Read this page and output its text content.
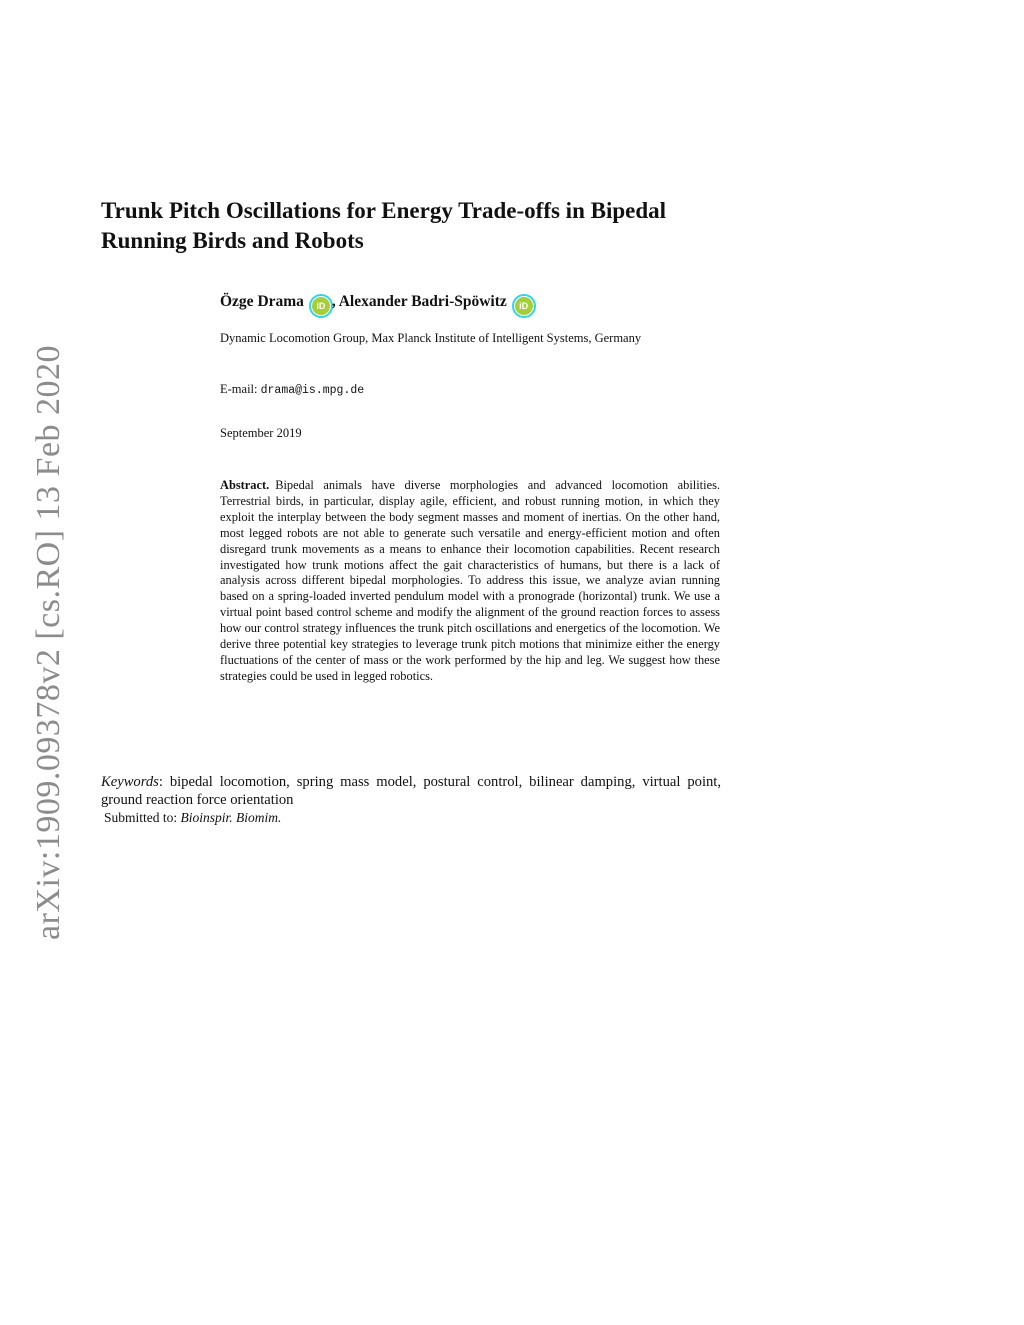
arXiv:1909.09378v2 [cs.RO] 13 Feb 2020
Trunk Pitch Oscillations for Energy Trade-offs in Bipedal Running Birds and Robots
Özge Drama iD , Alexander Badri-Spöwitz iD
Dynamic Locomotion Group, Max Planck Institute of Intelligent Systems, Germany
E-mail: drama@is.mpg.de
September 2019

Abstract. Bipedal animals have diverse morphologies and advanced locomotion abilities. Terrestrial birds, in particular, display agile, efficient, and robust running motion, in which they exploit the interplay between the body segment masses and moment of inertias. On the other hand, most legged robots are not able to generate such versatile and energy-efficient motion and often disregard trunk movements as a means to enhance their locomotion capabilities. Recent research investigated how trunk motions affect the gait characteristics of humans, but there is a lack of analysis across different bipedal morphologies. To address this issue, we analyze avian running based on a spring-loaded inverted pendulum model with a pronograde (horizontal) trunk. We use a virtual point based control scheme and modify the alignment of the ground reaction forces to assess how our control strategy influences the trunk pitch oscillations and energetics of the locomotion. We derive three potential key strategies to leverage trunk pitch motions that minimize either the energy fluctuations of the center of mass or the work performed by the hip and leg. We suggest how these strategies could be used in legged robotics.

Keywords: bipedal locomotion, spring mass model, postural control, bilinear damping, virtual point, ground reaction force orientation

Submitted to: Bioinspir. Biomim.
